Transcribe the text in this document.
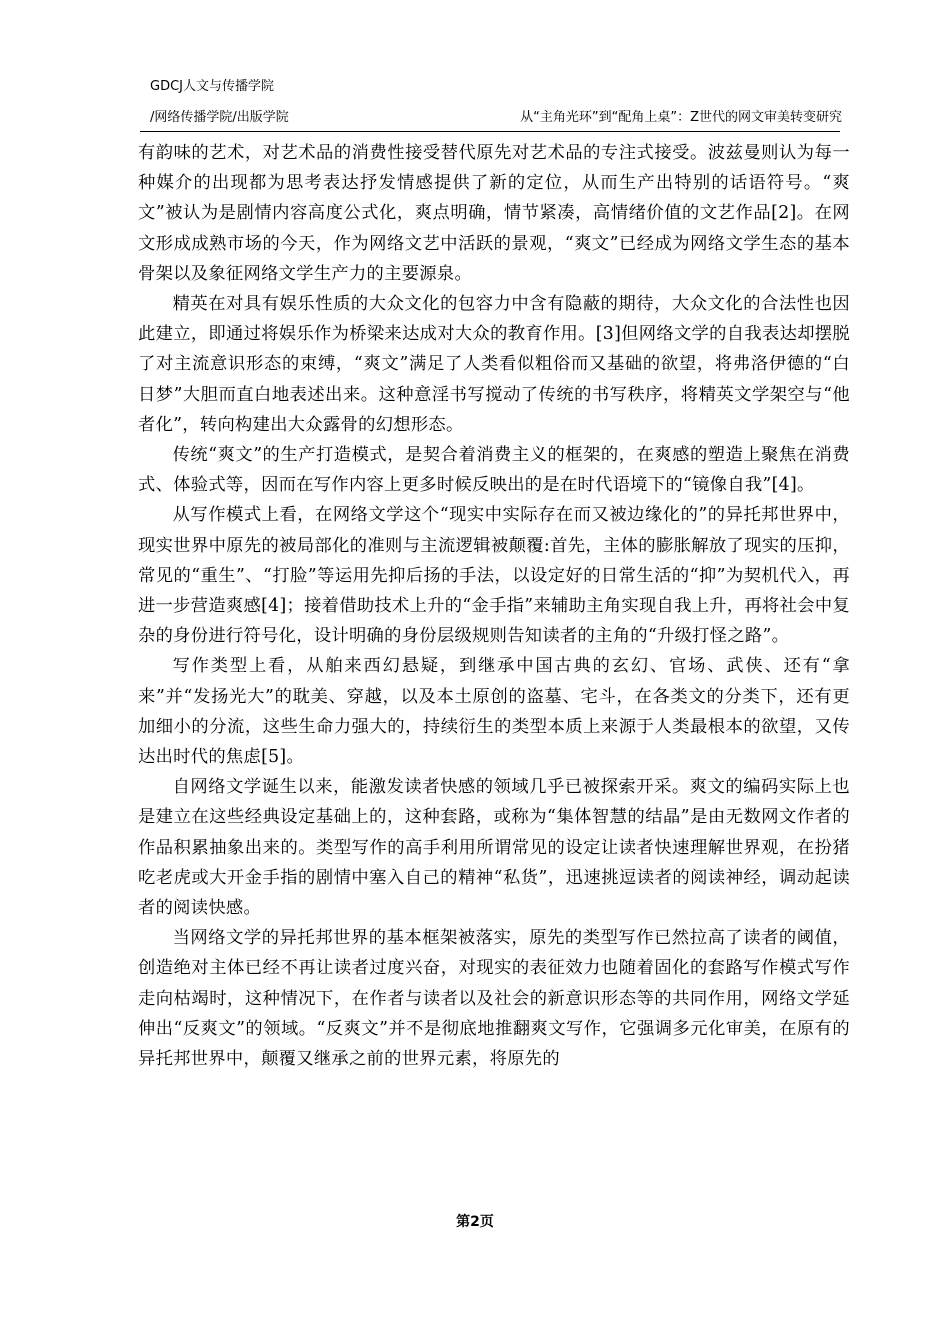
GDCJ人文与传播学院
/网络传播学院/出版学院	从“主角光环”到“配角上桌”：Z世代的网文审美转变研究

有韵味的艺术，对艺术品的消费性接受替代原先对艺术品的专注式接受。波兹曼则认为每一种媒介的出现都为思考表达抒发情感提供了新的定位，从而生产出特别的话语符号。“爽文”被认为是剧情内容高度公式化，爽点明确，情节紧凑，高情绪价值的文艺作品[2]。在网文形成成熟市场的今天，作为网络文艺中活跃的景观，“爽文”已经成为网络文学生态的基本骨架以及象征网络文学生产力的主要源泉。

精英在对具有娱乐性质的大众文化的包容力中含有隐蔽的期待，大众文化的合法性也因此建立，即通过将娱乐作为桥梁来达成对大众的教育作用。[3]但网络文学的自我表达却摆脱了对主流意识形态的束缚，“爽文”满足了人类看似粗俗而又基础的欲望，将弗洛伊德的“白日梦”大胆而直白地表述出来。这种意淫书写搅动了传统的书写秩序，将精英文学架空与“他者化”，转向构建出大众露骨的幻想形态。

传统“爽文”的生产打造模式，是契合着消费主义的框架的，在爽感的塑造上聚焦在消费式、体验式等，因而在写作内容上更多时候反映出的是在时代语境下的“镜像自我”[4]。

从写作模式上看，在网络文学这个“现实中实际存在而又被边缘化的”的异托邦世界中，现实世界中原先的被局部化的准则与主流逻辑被颠覆:首先，主体的膨胀解放了现实的压抑，常见的“重生”、“打脸”等运用先抑后扬的手法，以设定好的日常生活的“抑”为契机代入，再进一步营造爽感[4]；接着借助技术上升的“金手指”来辅助主角实现自我上升，再将社会中复杂的身份进行符号化，设计明确的身份层级规则告知读者的主角的“升级打怪之路”。

写作类型上看，从舶来西幻悬疑，到继承中国古典的玄幻、官场、武侠、还有“拿来”并“发扬光大”的耽美、穿越，以及本土原创的盗墓、宅斗，在各类文的分类下，还有更加细小的分流，这些生命力强大的，持续衍生的类型本质上来源于人类最根本的欲望，又传达出时代的焦虑[5]。

自网络文学诞生以来，能激发读者快感的领域几乎已被探索开采。爽文的编码实际上也是建立在这些经典设定基础上的，这种套路，或称为“集体智慧的结晶”是由无数网文作者的作品积累抽象出来的。类型写作的高手利用所谓常见的设定让读者快速理解世界观，在扮猪吃老虎或大开金手指的剧情中塞入自己的精神“私货”，迅速挑逗读者的阅读神经，调动起读者的阅读快感。

当网络文学的异托邦世界的基本框架被落实，原先的类型写作已然拉高了读者的阈值，创造绝对主体已经不再让读者过度兴奋，对现实的表征效力也随着固化的套路写作模式写作走向枯竭时，这种情况下，在作者与读者以及社会的新意识形态等的共同作用，网络文学延伸出“反爽文”的领域。“反爽文”并不是彻底地推翻爽文写作，它强调多元化审美，在原有的异托邦世界中，颠覆又继承之前的世界元素，将原先的

第2页
